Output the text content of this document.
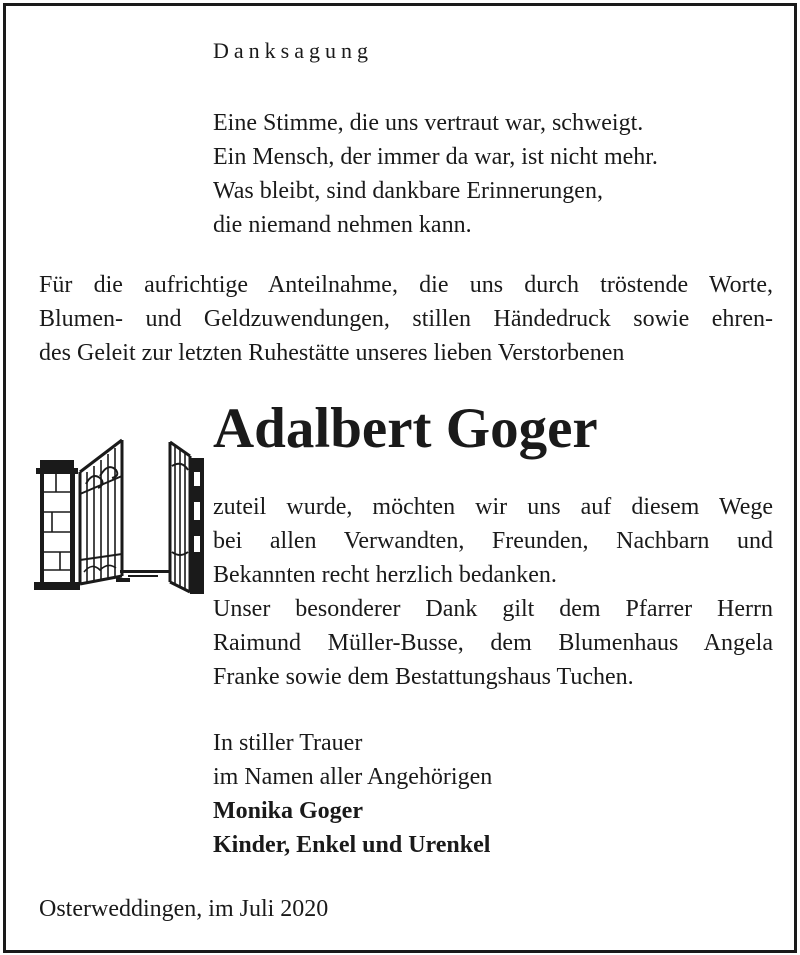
Danksagung
Eine Stimme, die uns vertraut war, schweigt.
Ein Mensch, der immer da war, ist nicht mehr.
Was bleibt, sind dankbare Erinnerungen,
die niemand nehmen kann.
Für die aufrichtige Anteilnahme, die uns durch tröstende Worte,
Blumen- und Geldzuwendungen, stillen Händedruck sowie ehren-
des Geleit zur letzten Ruhestätte unseres lieben Verstorbenen
Adalbert Goger
zuteil wurde, möchten wir uns auf diesem Wege
bei allen Verwandten, Freunden, Nachbarn und
Bekannten recht herzlich bedanken.
Unser besonderer Dank gilt dem Pfarrer Herrn
Raimund Müller-Busse, dem Blumenhaus Angela
Franke sowie dem Bestattungshaus Tuchen.
In stiller Trauer
im Namen aller Angehörigen
Monika Goger
Kinder, Enkel und Urenkel
Osterweddingen, im Juli 2020
